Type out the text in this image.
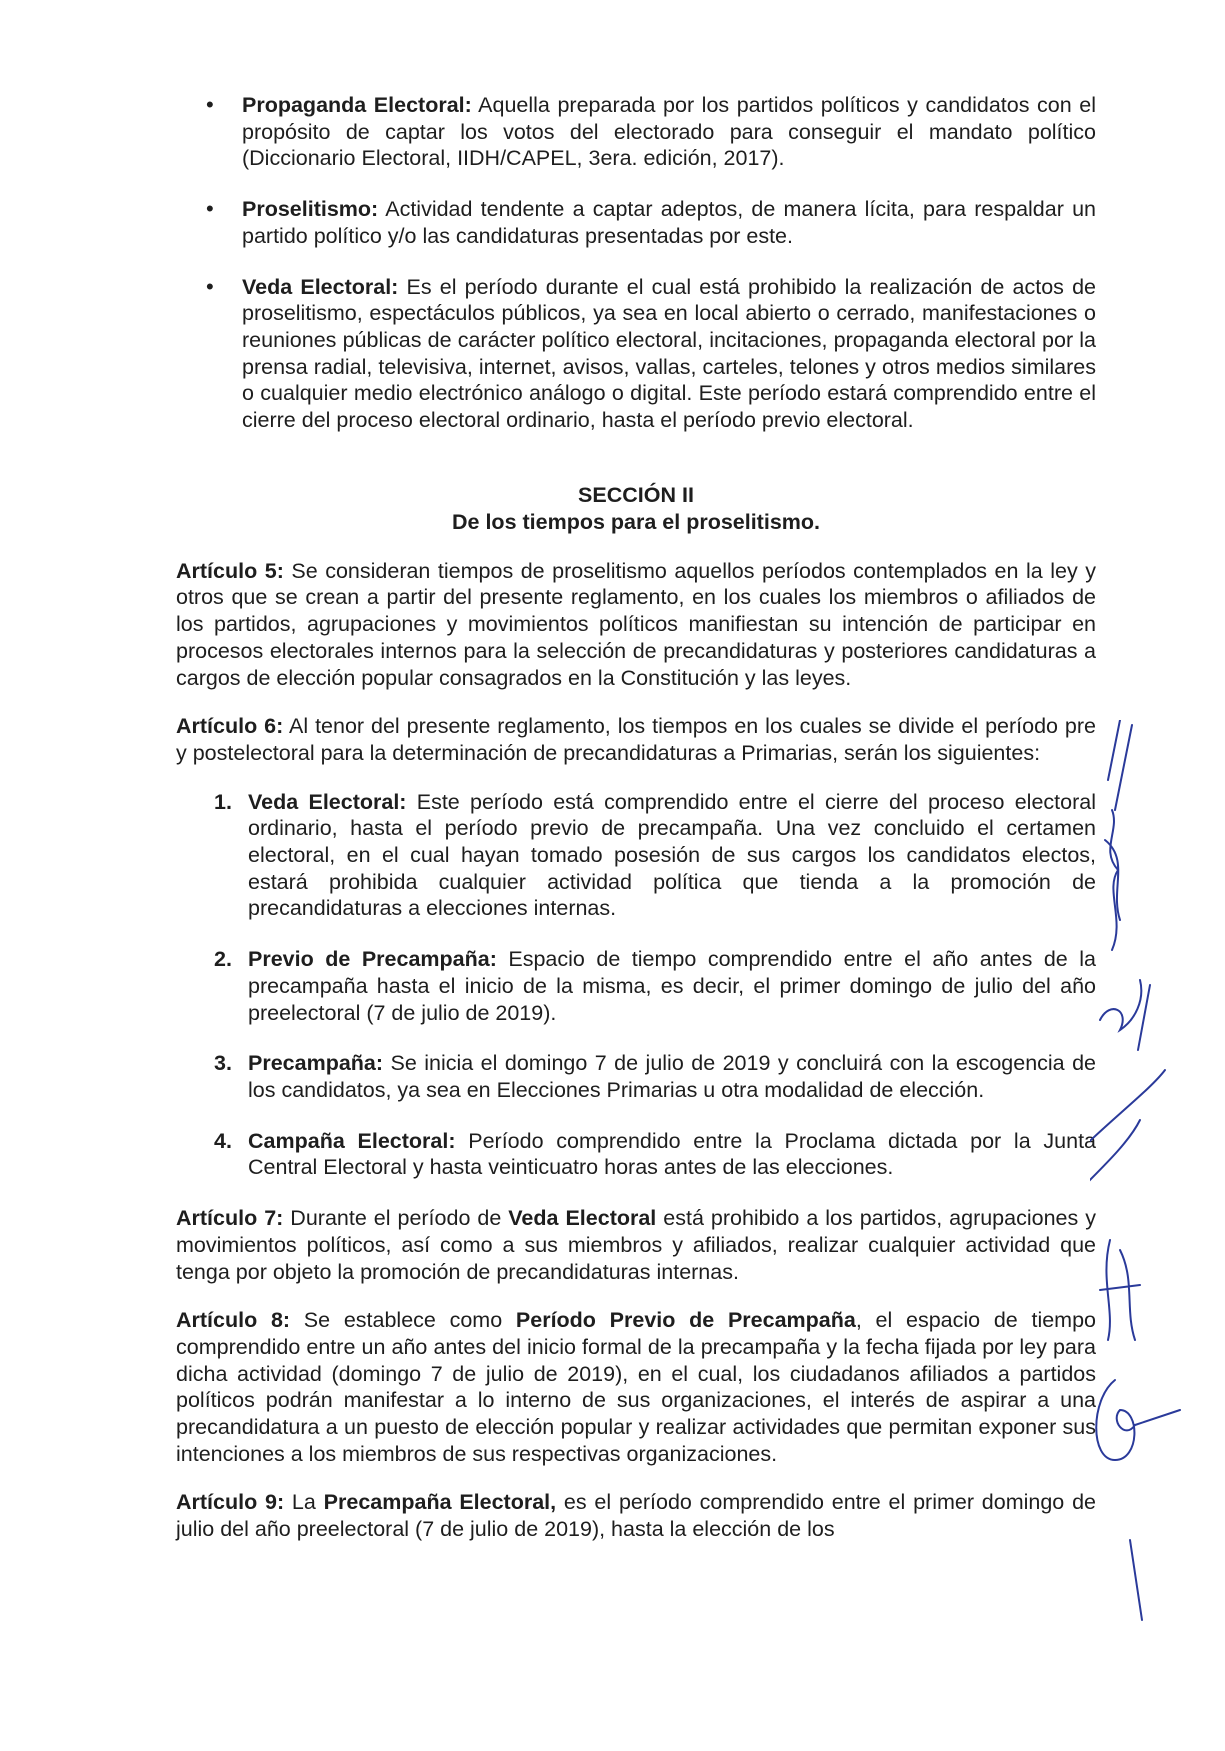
• Propaganda Electoral: Aquella preparada por los partidos políticos y candidatos con el propósito de captar los votos del electorado para conseguir el mandato político (Diccionario Electoral, IIDH/CAPEL, 3era. edición, 2017).
• Proselitismo: Actividad tendente a captar adeptos, de manera lícita, para respaldar un partido político y/o las candidaturas presentadas por este.
• Veda Electoral: Es el período durante el cual está prohibido la realización de actos de proselitismo, espectáculos públicos, ya sea en local abierto o cerrado, manifestaciones o reuniones públicas de carácter político electoral, incitaciones, propaganda electoral por la prensa radial, televisiva, internet, avisos, vallas, carteles, telones y otros medios similares o cualquier medio electrónico análogo o digital. Este período estará comprendido entre el cierre del proceso electoral ordinario, hasta el período previo electoral.
SECCIÓN II
De los tiempos para el proselitismo.

Artículo 5: Se consideran tiempos de proselitismo aquellos períodos contemplados en la ley y otros que se crean a partir del presente reglamento, en los cuales los miembros o afiliados de los partidos, agrupaciones y movimientos políticos manifiestan su intención de participar en procesos electorales internos para la selección de precandidaturas y posteriores candidaturas a cargos de elección popular consagrados en la Constitución y las leyes.

Artículo 6: Al tenor del presente reglamento, los tiempos en los cuales se divide el período pre y postelectoral para la determinación de precandidaturas a Primarias, serán los siguientes:

1. Veda Electoral: Este período está comprendido entre el cierre del proceso electoral ordinario, hasta el período previo de precampaña. Una vez concluido el certamen electoral, en el cual hayan tomado posesión de sus cargos los candidatos electos, estará prohibida cualquier actividad política que tienda a la promoción de precandidaturas a elecciones internas.
2. Previo de Precampaña: Espacio de tiempo comprendido entre el año antes de la precampaña hasta el inicio de la misma, es decir, el primer domingo de julio del año preelectoral (7 de julio de 2019).
3. Precampaña: Se inicia el domingo 7 de julio de 2019 y concluirá con la escogencia de los candidatos, ya sea en Elecciones Primarias u otra modalidad de elección.
4. Campaña Electoral: Período comprendido entre la Proclama dictada por la Junta Central Electoral y hasta veinticuatro horas antes de las elecciones.

Artículo 7: Durante el período de Veda Electoral está prohibido a los partidos, agrupaciones y movimientos políticos, así como a sus miembros y afiliados, realizar cualquier actividad que tenga por objeto la promoción de precandidaturas internas.

Artículo 8: Se establece como Período Previo de Precampaña, el espacio de tiempo comprendido entre un año antes del inicio formal de la precampaña y la fecha fijada por ley para dicha actividad (domingo 7 de julio de 2019), en el cual, los ciudadanos afiliados a partidos políticos podrán manifestar a lo interno de sus organizaciones, el interés de aspirar a una precandidatura a un puesto de elección popular y realizar actividades que permitan exponer sus intenciones a los miembros de sus respectivas organizaciones.

Artículo 9: La Precampaña Electoral, es el período comprendido entre el primer domingo de julio del año preelectoral (7 de julio de 2019), hasta la elección de los
